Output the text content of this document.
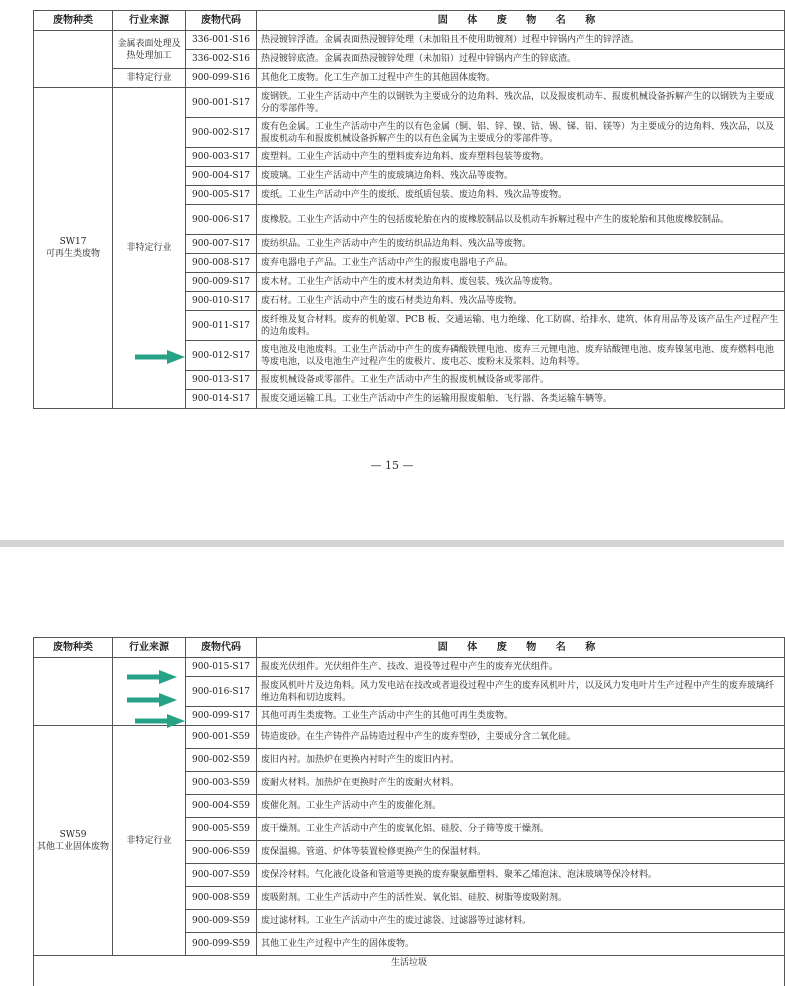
废物种类	行业来源	废物代码	固 体 废 物 名 称
	金属表面处理及热处理加工	336-001-S16	热浸镀锌浮渣。金属表面热浸镀锌处理（未加铅且不使用助镀剂）过程中锌锅内产生的锌浮渣。
		336-002-S16	热浸镀锌底渣。金属表面热浸镀锌处理（未加铅）过程中锌锅内产生的锌底渣。
	非特定行业	900-099-S16	其他化工废物。化工生产加工过程中产生的其他固体废物。
SW17
可再生类废物	非特定行业	900-001-S17	废钢铁。工业生产活动中产生的以钢铁为主要成分的边角料、残次品，以及报废机动车、报废机械设备拆解产生的以钢铁为主要成分的零部件等。
		900-002-S17	废有色金属。工业生产活动中产生的以有色金属（铜、铝、锌、镍、钴、锡、锑、铅、镁等）为主要成分的边角料、残次品，以及报废机动车和报废机械设备拆解产生的以有色金属为主要成分的零部件等。
		900-003-S17	废塑料。工业生产活动中产生的塑料废弃边角料、废弃塑料包装等废物。
		900-004-S17	废玻璃。工业生产活动中产生的废玻璃边角料、残次品等废物。
		900-005-S17	废纸。工业生产活动中产生的废纸、废纸质包装、废边角料、残次品等废物。
		900-006-S17	废橡胶。工业生产活动中产生的包括废轮胎在内的废橡胶制品以及机动车拆解过程中产生的废轮胎和其他废橡胶制品。
		900-007-S17	废纺织品。工业生产活动中产生的废纺织品边角料、残次品等废物。
		900-008-S17	废弃电器电子产品。工业生产活动中产生的报废电器电子产品。
		900-009-S17	废木材。工业生产活动中产生的废木材类边角料、废包装、残次品等废物。
		900-010-S17	废石材。工业生产活动中产生的废石材类边角料、残次品等废物。
		900-011-S17	废纤维及复合材料。废弃的机舱罩、PCB 板、交通运输、电力绝缘、化工防腐、给排水、建筑、体育用品等及该产品生产过程产生的边角废料。
		900-012-S17	废电池及电池废料。工业生产活动中产生的废弃磷酸铁锂电池、废弃三元锂电池、废弃钴酸锂电池、废弃镍氢电池、废弃燃料电池等废电池，以及电池生产过程产生的废极片、废电芯、废粉末及浆料、边角料等。
		900-013-S17	报废机械设备或零部件。工业生产活动中产生的报废机械设备或零部件。
		900-014-S17	报废交通运输工具。工业生产活动中产生的运输用报废船舶、飞行器、各类运输车辆等。
— 15 —
废物种类	行业来源	废物代码	固 体 废 物 名 称
		900-015-S17	报废光伏组件。光伏组件生产、技改、退役等过程中产生的废弃光伏组件。
		900-016-S17	报废风机叶片及边角料。风力发电站在技改或者退役过程中产生的废弃风机叶片，以及风力发电叶片生产过程中产生的废弃玻璃纤维边角料和切边废料。
		900-099-S17	其他可再生类废物。工业生产活动中产生的其他可再生类废物。
SW59
其他工业固体废物	非特定行业	900-001-S59	铸造废砂。在生产铸件产品铸造过程中产生的废弃型砂，主要成分含二氧化硅。
		900-002-S59	废旧内衬。加热炉在更换内衬时产生的废旧内衬。
		900-003-S59	废耐火材料。加热炉在更换时产生的废耐火材料。
		900-004-S59	废催化剂。工业生产活动中产生的废催化剂。
		900-005-S59	废干燥剂。工业生产活动中产生的废氧化铝、硅胶、分子筛等废干燥剂。
		900-006-S59	废保温棉。管道、炉体等装置检修更换产生的保温材料。
		900-007-S59	废保冷材料。气化液化设备和管道等更换的废弃聚氨酯塑料、聚苯乙烯泡沫、泡沫玻璃等保冷材料。
		900-008-S59	废吸附剂。工业生产活动中产生的活性炭、氧化铝、硅胶、树脂等废吸附剂。
		900-009-S59	废过滤材料。工业生产活动中产生的废过滤袋、过滤器等过滤材料。
		900-099-S59	其他工业生产过程中产生的固体废物。
生活垃圾			
